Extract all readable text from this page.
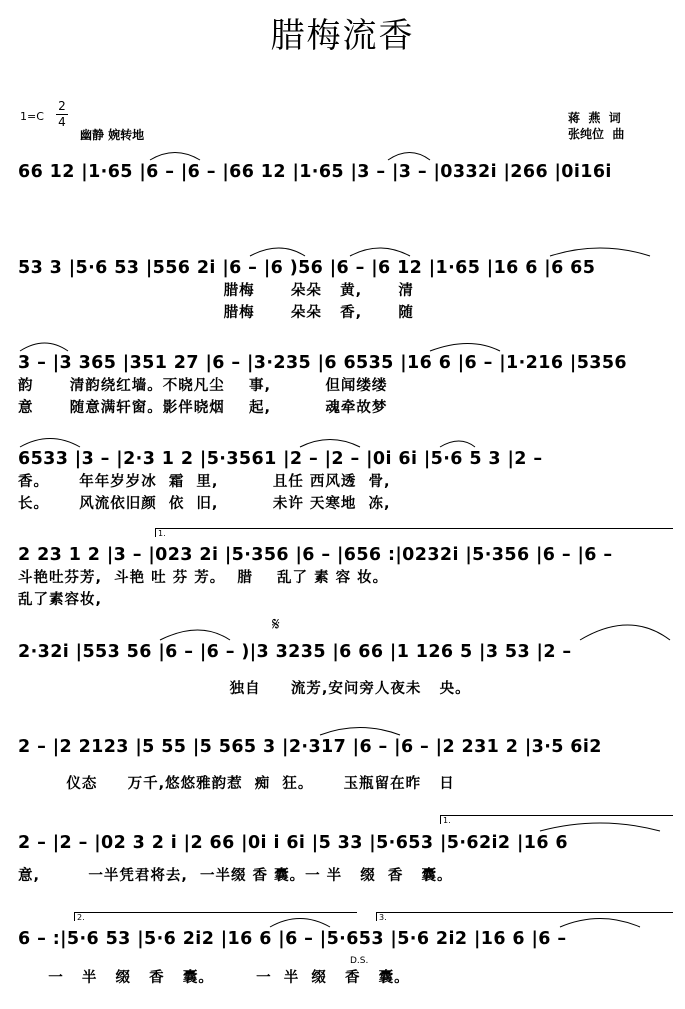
腊梅流香
1=C
2
4
幽静 婉转地
蒋  燕  词
张纯位  曲
66 12 |1·65 |6 – |6 – |66 12 |1·65 |3 – |3 – |0332i |266 |0i16i
53 3 |5·6 53 |556 2i |6 – |6 )56 |6 – |6 12 |1·65 |16 6 |6 65
腊梅      朵朵   黄,      清
腊梅      朵朵   香,      随
3 – |3 365 |351 27 |6 – |3·235 |6 6535 |16 6 |6 – |1·216 |5356
韵      清韵绕红墙。不晓凡尘    事,         但闻缕缕
意      随意满轩窗。影伴晓烟    起,         魂牵故梦
6533 |3 – |2·3 1 2 |5·3561 |2 – |2 – |0i 6i |5·6 5 3 |2 –
香。     年年岁岁冰  霜  里,         且任 西风透  骨,
长。     风流依旧颜  依  旧,         未许 天寒地  冻,
1.
2 23 1 2 |3 – |023 2i |5·356 |6 – |656 :|0232i |5·356 |6 – |6 –
斗艳吐芬芳,  斗艳 吐 芬 芳。  腊    乱了 素 容 妆。
乱了素容妆,
𝄋
2·32i |553 56 |6 – |6 – )|3 3235 |6 66 |1 126 5 |3 53 |2 –
独自     流芳,安问旁人夜未   央。
2 – |2 2123 |5 55 |5 565 3 |2·317 |6 – |6 – |2 231 2 |3·5 6i2
仪态     万千,悠悠雅韵惹  痴  狂。     玉瓶留在昨   日
1.
2 – |2 – |02 3 2 i |2 66 |0i i 6i |5 33 |5·653 |5·62i2 |16 6
意,        一半凭君将去,  一半缀 香 囊。一 半   缀  香   囊。
2.	3.
6 – :|5·6 53 |5·6 2i2 |16 6 |6 – |5·653 |5·6 2i2 |16 6 |6 –
一   半   缀   香   囊。       一  半  缀   香   囊。
D.S.
